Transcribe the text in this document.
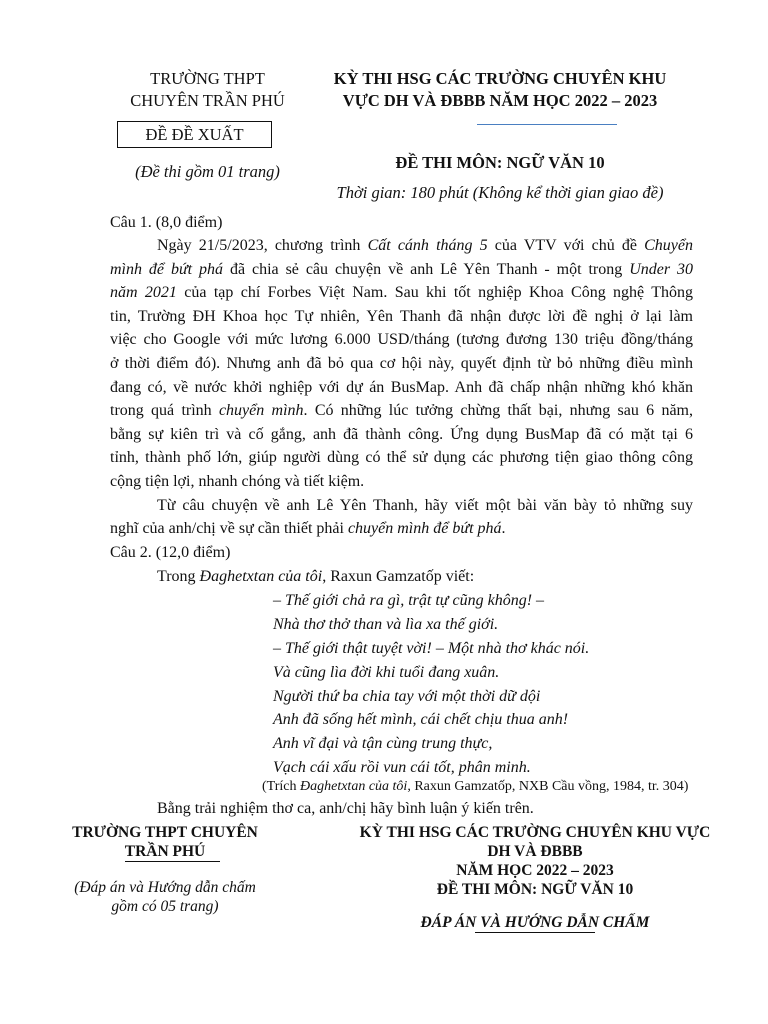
TRƯỜNG THPT
CHUYÊN TRẦN PHÚ
KỲ THI HSG CÁC TRƯỜNG CHUYÊN KHU
VỰC DH VÀ ĐBBB NĂM HỌC 2022 – 2023
ĐỀ ĐỀ XUẤT
(Đề thi gồm 01 trang)	ĐỀ THI MÔN: NGỮ VĂN 10
Thời gian: 180 phút (Không kể thời gian giao đề)
Câu 1. (8,0 điểm)
Ngày 21/5/2023, chương trình Cất cánh tháng 5 của VTV với chủ đề Chuyển
mình để bứt phá đã chia sẻ câu chuyện về anh Lê Yên Thanh - một trong Under 30
năm 2021 của tạp chí Forbes Việt Nam. Sau khi tốt nghiệp Khoa Công nghệ Thông
tin, Trường ĐH Khoa học Tự nhiên, Yên Thanh đã nhận được lời đề nghị ở lại làm
việc cho Google với mức lương 6.000 USD/tháng (tương đương 130 triệu đồng/tháng
ở thời điểm đó). Nhưng anh đã bỏ qua cơ hội này, quyết định từ bỏ những điều mình
đang có, về nước khởi nghiệp với dự án BusMap. Anh đã chấp nhận những khó khăn
trong quá trình chuyển mình. Có những lúc tưởng chừng thất bại, nhưng sau 6 năm,
bằng sự kiên trì và cố gắng, anh đã thành công. Ứng dụng BusMap đã có mặt tại 6
tỉnh, thành phố lớn, giúp người dùng có thể sử dụng các phương tiện giao thông công
cộng tiện lợi, nhanh chóng và tiết kiệm.
Từ câu chuyện về anh Lê Yên Thanh, hãy viết một bài văn bày tỏ những suy
nghĩ của anh/chị về sự cần thiết phải chuyển mình để bứt phá.
Câu 2. (12,0 điểm)
Trong Đaghetxtan của tôi, Raxun Gamzatốp viết:
– Thế giới chả ra gì, trật tự cũng không! –
Nhà thơ thở than và lìa xa thế giới.
– Thế giới thật tuyệt vời! – Một nhà thơ khác nói.
Và cũng lìa đời khi tuổi đang xuân.
Người thứ ba chia tay với một thời dữ dội
Anh đã sống hết mình, cái chết chịu thua anh!
Anh vĩ đại và tận cùng trung thực,
Vạch cái xấu rồi vun cái tốt, phân minh.
(Trích Đaghetxtan của tôi, Raxun Gamzatốp, NXB Cầu vồng, 1984, tr. 304)
Bằng trải nghiệm thơ ca, anh/chị hãy bình luận ý kiến trên.
TRƯỜNG THPT CHUYÊN
TRẦN PHÚ
(Đáp án và Hướng dẫn chấm
gồm có 05 trang)
KỲ THI HSG CÁC TRƯỜNG CHUYÊN KHU VỰC
DH VÀ ĐBBB
NĂM HỌC 2022 – 2023
ĐỀ THI MÔN: NGỮ VĂN 10
ĐÁP ÁN VÀ HƯỚNG DẪN CHẤM
